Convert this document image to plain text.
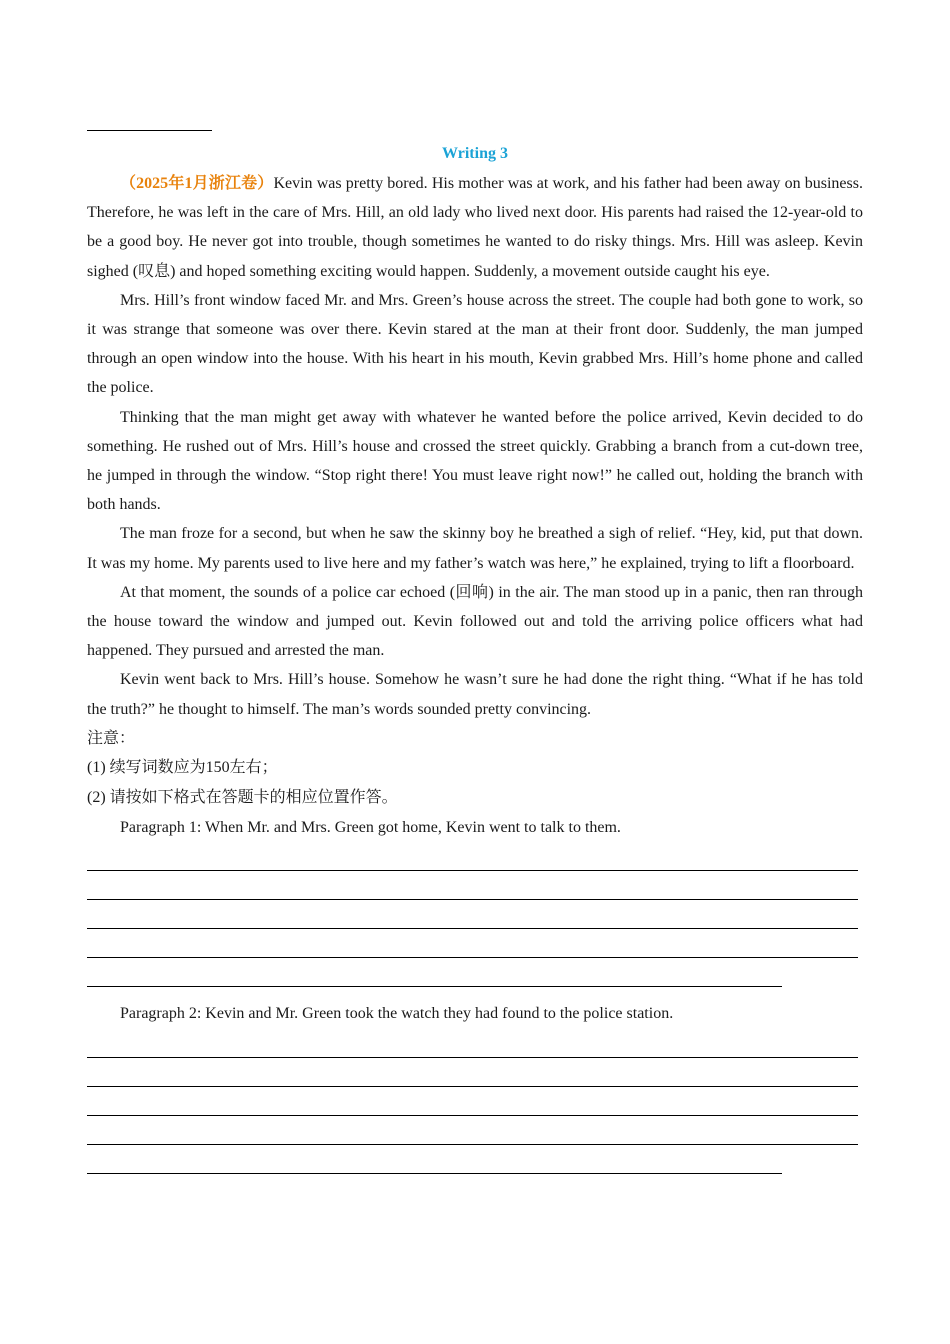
Writing 3

（2025年1月浙江卷）Kevin was pretty bored. His mother was at work, and his father had been away on business. Therefore, he was left in the care of Mrs. Hill, an old lady who lived next door. His parents had raised the 12-year-old to be a good boy. He never got into trouble, though sometimes he wanted to do risky things. Mrs. Hill was asleep. Kevin sighed (叹息) and hoped something exciting would happen. Suddenly, a movement outside caught his eye.

Mrs. Hill’s front window faced Mr. and Mrs. Green’s house across the street. The couple had both gone to work, so it was strange that someone was over there. Kevin stared at the man at their front door. Suddenly, the man jumped through an open window into the house. With his heart in his mouth, Kevin grabbed Mrs. Hill’s home phone and called the police.

Thinking that the man might get away with whatever he wanted before the police arrived, Kevin decided to do something. He rushed out of Mrs. Hill’s house and crossed the street quickly. Grabbing a branch from a cut-down tree, he jumped in through the window. “Stop right there! You must leave right now!” he called out, holding the branch with both hands.

The man froze for a second, but when he saw the skinny boy he breathed a sigh of relief. “Hey, kid, put that down. It was my home. My parents used to live here and my father’s watch was here,” he explained, trying to lift a floorboard.

At that moment, the sounds of a police car echoed (回响) in the air. The man stood up in a panic, then ran through the house toward the window and jumped out. Kevin followed out and told the arriving police officers what had happened. They pursued and arrested the man.

Kevin went back to Mrs. Hill’s house. Somehow he wasn’t sure he had done the right thing. “What if he has told the truth?” he thought to himself. The man’s words sounded pretty convincing.

注意：

(1) 续写词数应为150左右；

(2) 请按如下格式在答题卡的相应位置作答。

Paragraph 1: When Mr. and Mrs. Green got home, Kevin went to talk to them.

Paragraph 2: Kevin and Mr. Green took the watch they had found to the police station.
